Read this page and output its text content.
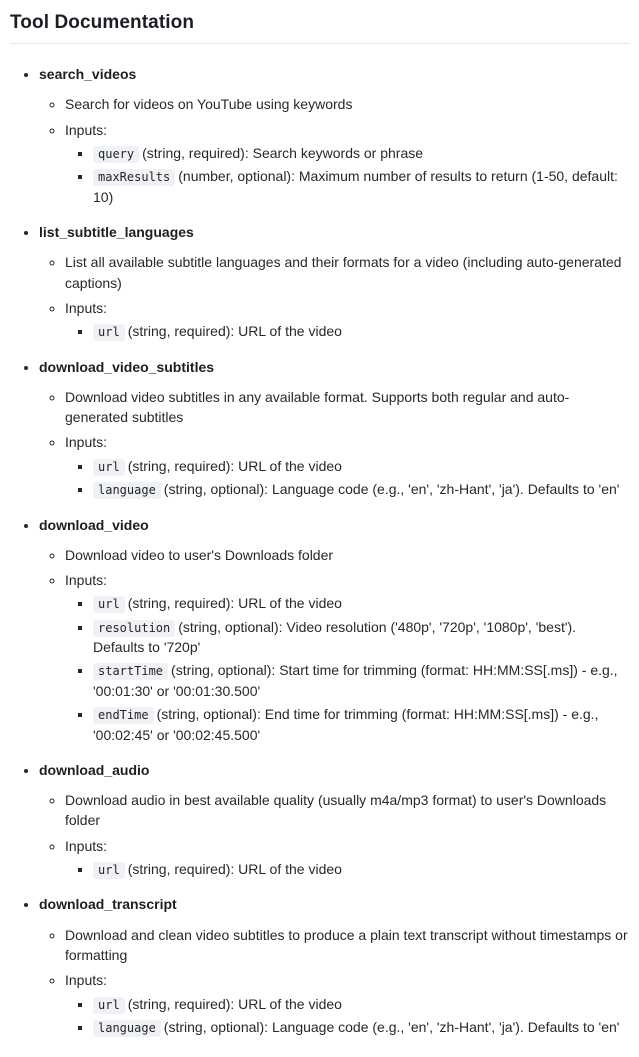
Tool Documentation
• search_videos
◦ Search for videos on YouTube using keywords
◦ Inputs:
▪ query (string, required): Search keywords or phrase
▪ maxResults (number, optional): Maximum number of results to return (1-50, default: 10)
• list_subtitle_languages
◦ List all available subtitle languages and their formats for a video (including auto-generated captions)
◦ Inputs:
▪ url (string, required): URL of the video
• download_video_subtitles
◦ Download video subtitles in any available format. Supports both regular and auto-generated subtitles
◦ Inputs:
▪ url (string, required): URL of the video
▪ language (string, optional): Language code (e.g., 'en', 'zh-Hant', 'ja'). Defaults to 'en'
• download_video
◦ Download video to user's Downloads folder
◦ Inputs:
▪ url (string, required): URL of the video
▪ resolution (string, optional): Video resolution ('480p', '720p', '1080p', 'best'). Defaults to '720p'
▪ startTime (string, optional): Start time for trimming (format: HH:MM:SS[.ms]) - e.g., '00:01:30' or '00:01:30.500'
▪ endTime (string, optional): End time for trimming (format: HH:MM:SS[.ms]) - e.g., '00:02:45' or '00:02:45.500'
• download_audio
◦ Download audio in best available quality (usually m4a/mp3 format) to user's Downloads folder
◦ Inputs:
▪ url (string, required): URL of the video
• download_transcript
◦ Download and clean video subtitles to produce a plain text transcript without timestamps or formatting
◦ Inputs:
▪ url (string, required): URL of the video
▪ language (string, optional): Language code (e.g., 'en', 'zh-Hant', 'ja'). Defaults to 'en'
